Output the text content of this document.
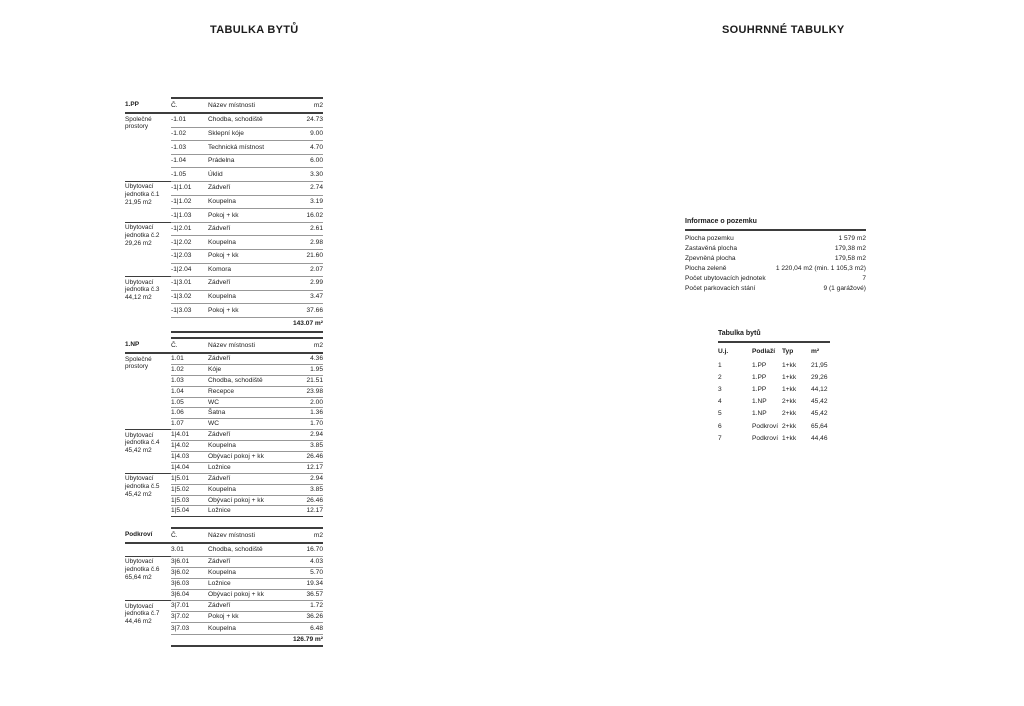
TABULKA BYTŮ	SOUHRNNÉ TABULKY
1.PP	Č.	Název místnosti	m2
Společné prostory	-1.01	Chodba, schodiště	24.73
	-1.02	Sklepní kóje	9.00
	-1.03	Technická místnost	4.70
	-1.04	Prádelna	6.00
	-1.05	Úklid	3.30
Ubytovací jednotka č.1 21,95 m2	-1|1.01	Zádveří	2.74
	-1|1.02	Koupelna	3.19
	-1|1.03	Pokoj + kk	16.02
Ubytovací jednotka č.2 29,26 m2	-1|2.01	Zádveří	2.61
	-1|2.02	Koupelna	2.98
	-1|2.03	Pokoj + kk	21.60
	-1|2.04	Komora	2.07
Ubytovací jednotka č.3 44,12 m2	-1|3.01	Zádveří	2.99
	-1|3.02	Koupelna	3.47
	-1|3.03	Pokoj + kk	37.66
			143.07 m²
1.NP	Č.	Název místnosti	m2
Společné prostory	1.01	Zádveří	4.36
	1.02	Kóje	1.95
	1.03	Chodba, schodiště	21.51
	1.04	Recepce	23.98
	1.05	WC	2.00
	1.06	Šatna	1.36
	1.07	WC	1.70
Ubytovací jednotka č.4 45,42 m2	1|4.01	Zádveří	2.94
	1|4.02	Koupelna	3.85
	1|4.03	Obývací pokoj + kk	26.46
	1|4.04	Ložnice	12.17
Ubytovací jednotka č.5 45,42 m2	1|5.01	Zádveří	2.94
	1|5.02	Koupelna	3.85
	1|5.03	Obývací pokoj + kk	26.46
	1|5.04	Ložnice	12.17
Podkroví	Č.	Název místnosti	m2
	3.01	Chodba, schodiště	16.70
Ubytovací jednotka č.6 65,64 m2	3|6.01	Zádveří	4.03
	3|6.02	Koupelna	5.70
	3|6.03	Ložnice	19.34
	3|6.04	Obývací pokoj + kk	36.57
Ubytovací jednotka č.7 44,46 m2	3|7.01	Zádveří	1.72
	3|7.02	Pokoj + kk	36.26
	3|7.03	Koupelna	6.48
			126.79 m²
Informace o pozemku
Plocha pozemku	1 579 m2
Zastavěná plocha	179,38 m2
Zpevněná plocha	179,58 m2
Plocha zeleně	1 220,04 m2 (min. 1 105,3 m2)
Počet ubytovacích jednotek	7
Počet parkovacích stání	9 (1 garážové)
Tabulka bytů
U.j.	Podlaží	Typ	m²
1	1.PP	1+kk	21,95
2	1.PP	1+kk	29,26
3	1.PP	1+kk	44,12
4	1.NP	2+kk	45,42
5	1.NP	2+kk	45,42
6	Podkroví	2+kk	65,64
7	Podkroví	1+kk	44,46
